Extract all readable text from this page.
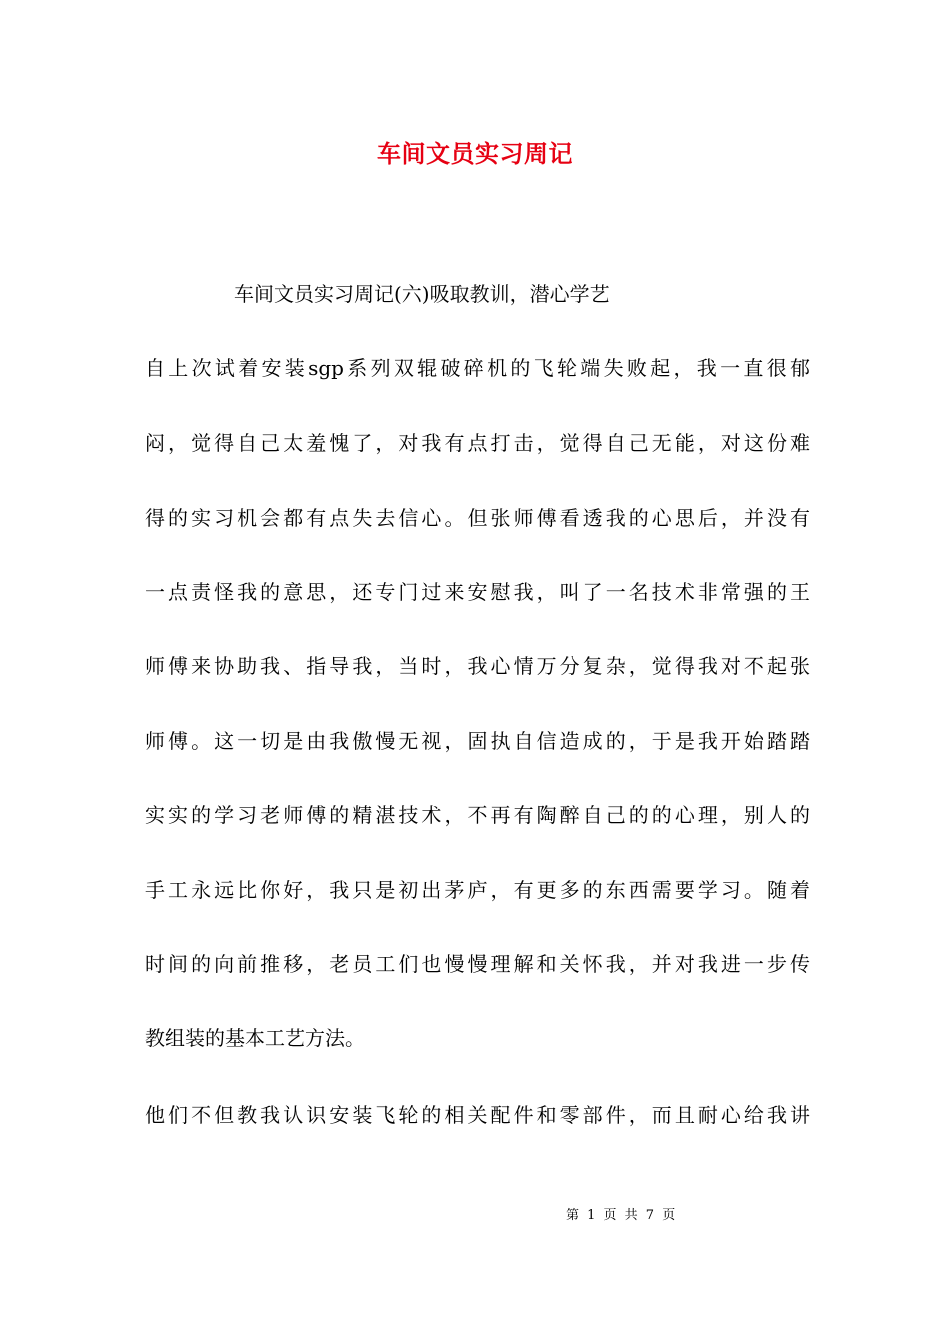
车间文员实习周记
车间文员实习周记(六)吸取教训，潜心学艺
自上次试着安装sgp系列双辊破碎机的飞轮端失败起，我一直很郁
闷，觉得自己太羞愧了，对我有点打击，觉得自己无能，对这份难
得的实习机会都有点失去信心。但张师傅看透我的心思后，并没有
一点责怪我的意思，还专门过来安慰我，叫了一名技术非常强的王
师傅来协助我、指导我，当时，我心情万分复杂，觉得我对不起张
师傅。这一切是由我傲慢无视，固执自信造成的，于是我开始踏踏
实实的学习老师傅的精湛技术，不再有陶醉自己的的心理，别人的
手工永远比你好，我只是初出茅庐，有更多的东西需要学习。随着
时间的向前推移，老员工们也慢慢理解和关怀我，并对我进一步传
教组装的基本工艺方法。
他们不但教我认识安装飞轮的相关配件和零部件，而且耐心给我讲
第 1 页 共 7 页
